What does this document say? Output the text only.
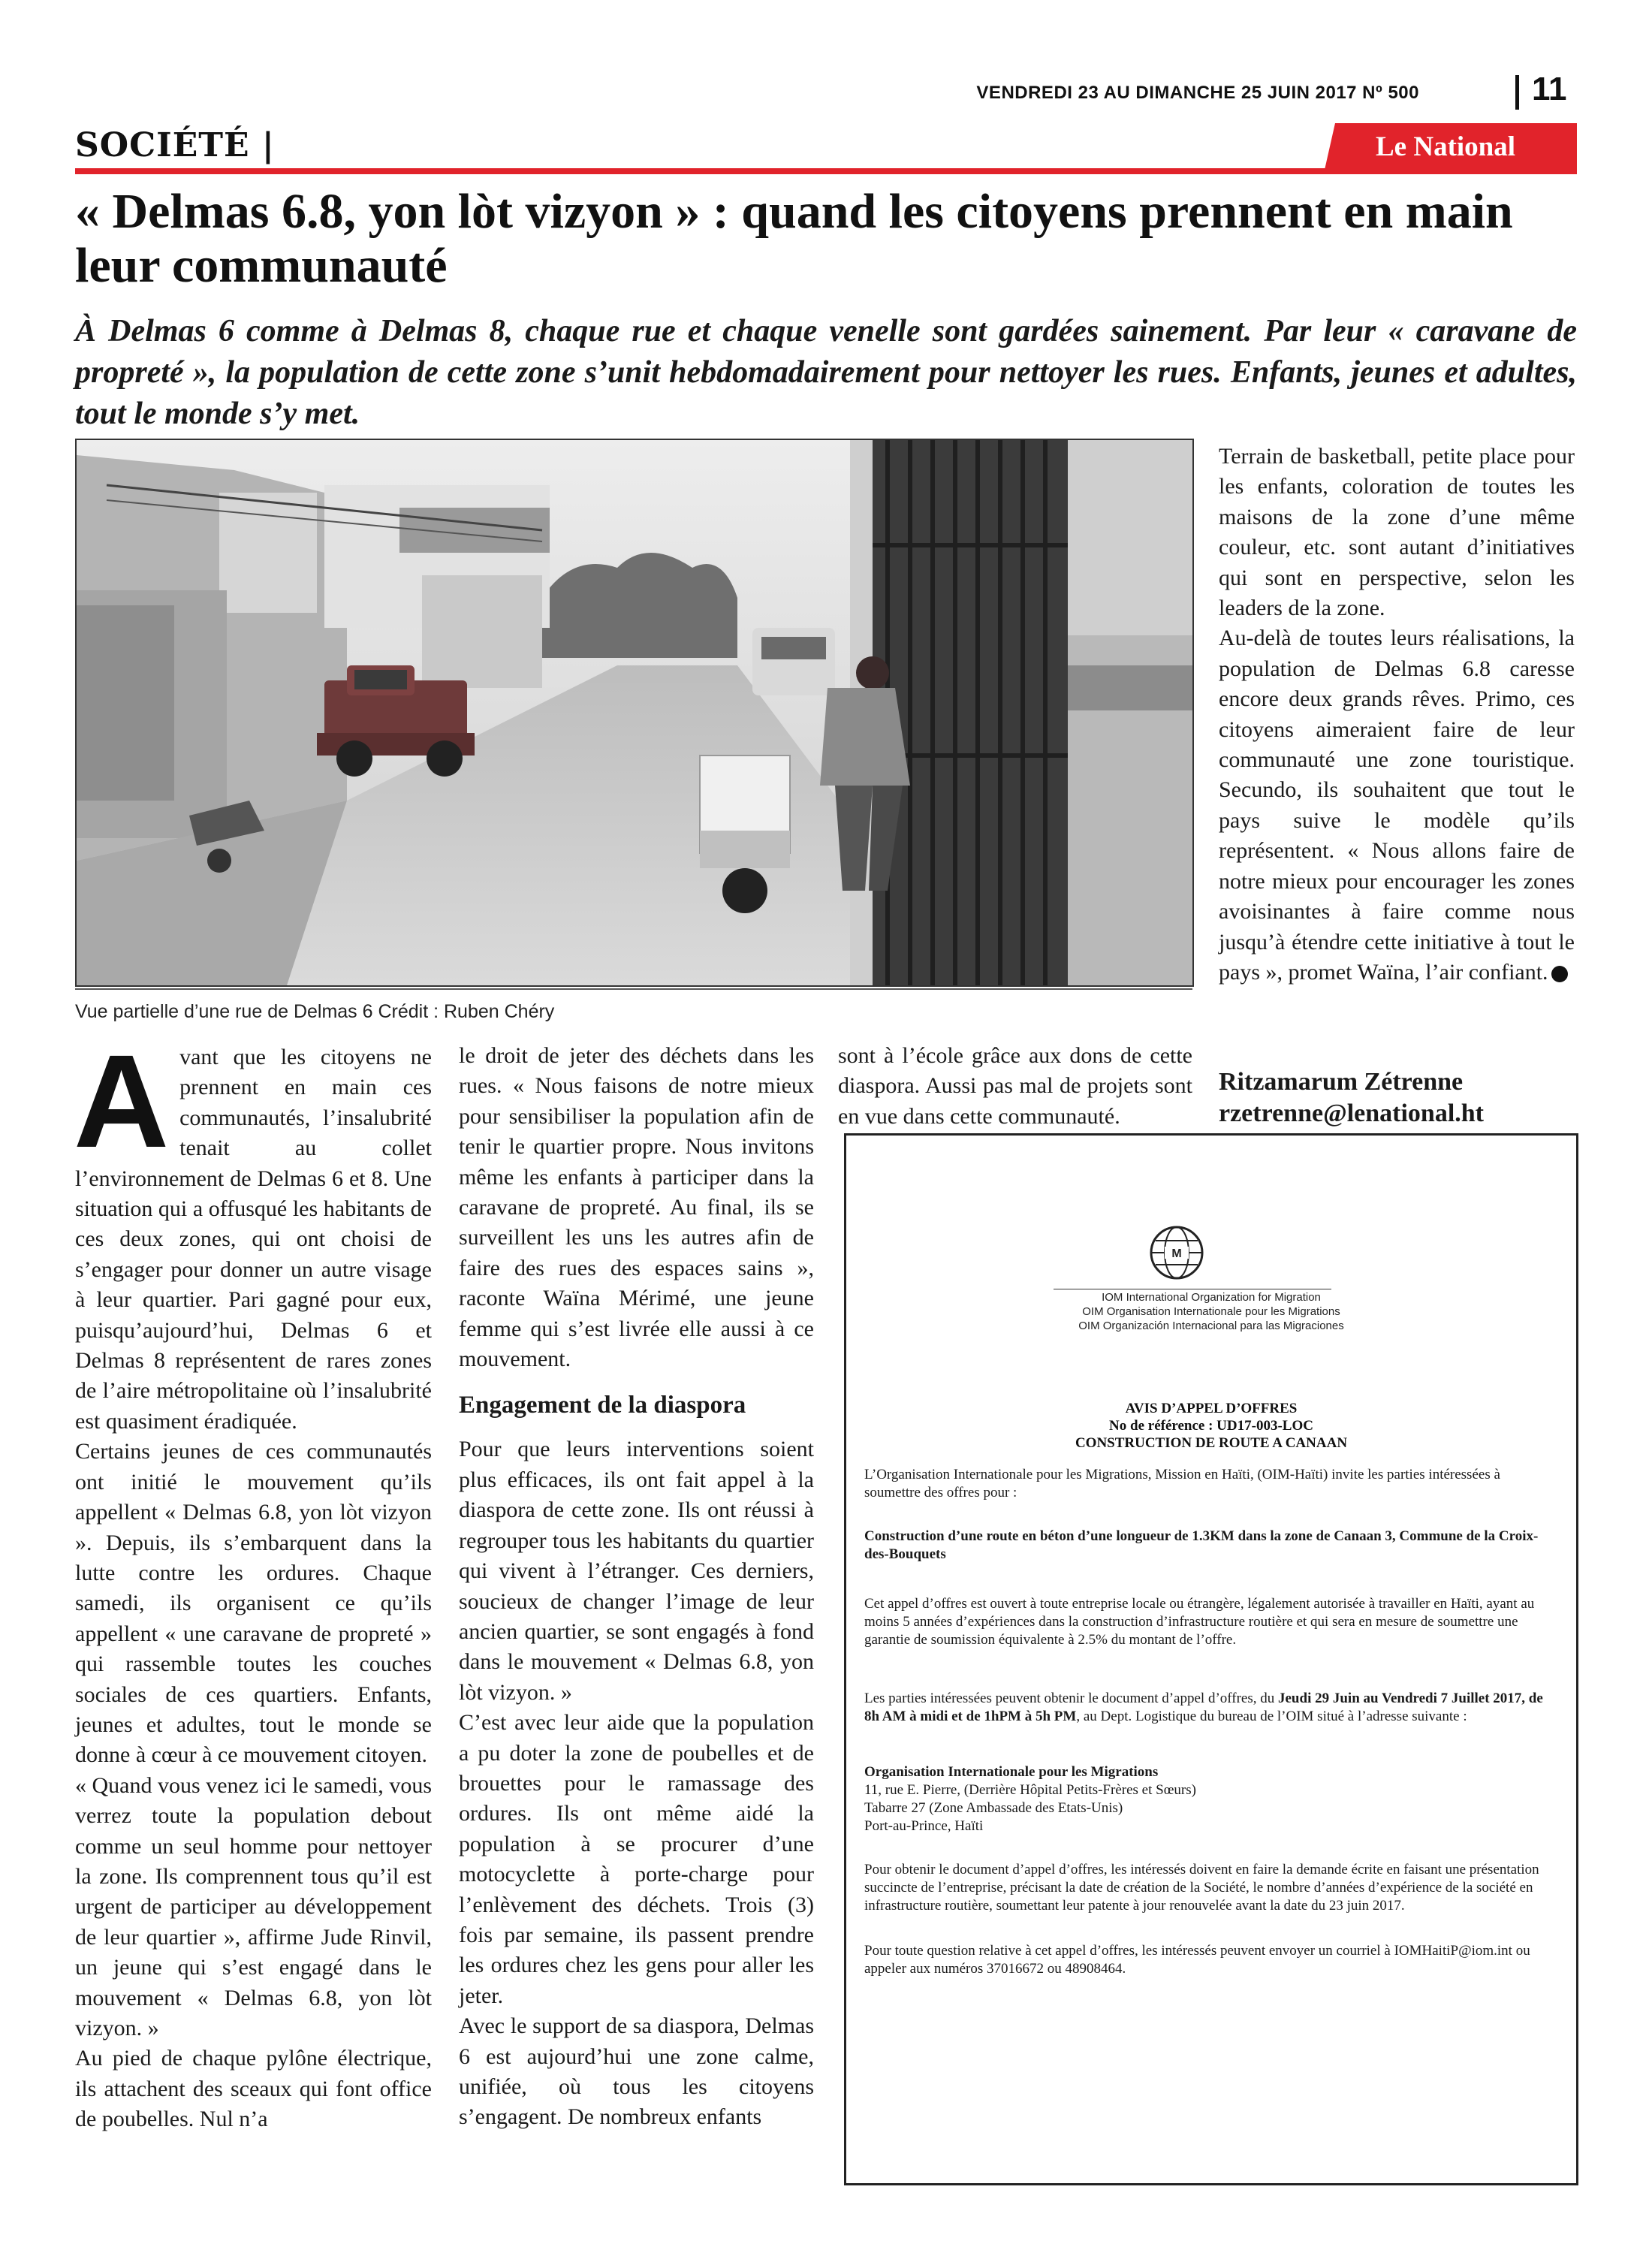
VENDREDI 23 AU DIMANCHE 25 JUIN 2017 Nº 500	11
SOCIÉTÉ |	Le National
« Delmas 6.8, yon lòt vizyon » : quand les citoyens prennent en main leur communauté
À Delmas 6 comme à Delmas 8, chaque rue et chaque venelle sont gardées sainement. Par leur « caravane de propreté », la population de cette zone s’unit hebdomadairement pour nettoyer les rues. Enfants, jeunes et adultes, tout le monde s’y met.
Vue partielle d’une rue de Delmas 6 Crédit : Ruben Chéry

Avant que les citoyens ne prennent en main ces communautés, l’insalubrité tenait au collet l’environnement de Delmas 6 et 8. Une situation qui a offusqué les habitants de ces deux zones, qui ont choisi de s’engager pour donner un autre visage à leur quartier. Pari gagné pour eux, puisqu’aujourd’hui, Delmas 6 et Delmas 8 représentent de rares zones de l’aire métropolitaine où l’insalubrité est quasiment éradiquée.

Certains jeunes de ces communautés ont initié le mouvement qu’ils appellent « Delmas 6.8, yon lòt vizyon ». Depuis, ils s’embarquent dans la lutte contre les ordures. Chaque samedi, ils organisent ce qu’ils appellent « une caravane de propreté » qui rassemble toutes les couches sociales de ces quartiers. Enfants, jeunes et adultes, tout le monde se donne à cœur à ce mouvement citoyen.

« Quand vous venez ici le samedi, vous verrez toute la population debout comme un seul homme pour nettoyer la zone. Ils comprennent tous qu’il est urgent de participer au développement de leur quartier », affirme Jude Rinvil, un jeune qui s’est engagé dans le mouvement « Delmas 6.8, yon lòt vizyon. »

Au pied de chaque pylône électrique, ils attachent des sceaux qui font office de poubelles. Nul n’a

le droit de jeter des déchets dans les rues. « Nous faisons de notre mieux pour sensibiliser la population afin de tenir le quartier propre. Nous invitons même les enfants à participer dans la caravane de propreté. Au final, ils se surveillent les uns les autres afin de faire des rues des espaces sains », raconte Waïna Mérimé, une jeune femme qui s’est livrée elle aussi à ce mouvement.

Engagement de la diaspora

Pour que leurs interventions soient plus efficaces, ils ont fait appel à la diaspora de cette zone. Ils ont réussi à regrouper tous les habitants du quartier qui vivent à l’étranger. Ces derniers, soucieux de changer l’image de leur ancien quartier, se sont engagés à fond dans le mouvement « Delmas 6.8, yon lòt vizyon. »

C’est avec leur aide que la population a pu doter la zone de poubelles et de brouettes pour le ramassage des ordures. Ils ont même aidé la population à se procurer d’une motocyclette à porte-charge pour l’enlèvement des déchets. Trois (3) fois par semaine, ils passent prendre les ordures chez les gens pour aller les jeter.

Avec le support de sa diaspora, Delmas 6 est aujourd’hui une zone calme, unifiée, où tous les citoyens s’engagent. De nombreux enfants

sont à l’école grâce aux dons de cette diaspora. Aussi pas mal de projets sont en vue dans cette communauté.

Terrain de basketball, petite place pour les enfants, coloration de toutes les maisons de la zone d’une même couleur, etc. sont autant d’initiatives qui sont en perspective, selon les leaders de la zone.

Au-delà de toutes leurs réalisations, la population de Delmas 6.8 caresse encore deux grands rêves. Primo, ces citoyens aimeraient faire de leur communauté une zone touristique. Secundo, ils souhaitent que tout le pays suive le modèle qu’ils représentent. « Nous allons faire de notre mieux pour encourager les zones avoisinantes à faire comme nous jusqu’à étendre cette initiative à tout le pays », promet Waïna, l’air confiant.

Ritzamarum Zétrenne
rzetrenne@lenational.ht
M
IOM International Organization for Migration
OIM Organisation Internationale pour les Migrations
OIM Organización Internacional para las Migraciones
AVIS D’APPEL D’OFFRES
No de référence : UD17-003-LOC
CONSTRUCTION DE ROUTE A CANAAN
L’Organisation Internationale pour les Migrations, Mission en Haïti, (OIM-Haïti) invite les parties intéressées à soumettre des offres pour :
Construction d’une route en béton d’une longueur de 1.3KM dans la zone de Canaan 3, Commune de la Croix-des-Bouquets
Cet appel d’offres est ouvert à toute entreprise locale ou étrangère, légalement autorisée à travailler en Haïti, ayant au moins 5 années d’expériences dans la construction d’infrastructure routière et qui sera en mesure de soumettre une garantie de soumission équivalente à 2.5% du montant de l’offre.
Les parties intéressées peuvent obtenir le document d’appel d’offres, du Jeudi 29 Juin au Vendredi 7 Juillet 2017, de 8h AM à midi et de 1hPM à 5h PM, au Dept. Logistique du bureau de l’OIM situé à l’adresse suivante :
Organisation Internationale pour les Migrations
11, rue E. Pierre, (Derrière Hôpital Petits-Frères et Sœurs)
Tabarre 27 (Zone Ambassade des Etats-Unis)
Port-au-Prince, Haïti
Pour obtenir le document d’appel d’offres, les intéressés doivent en faire la demande écrite en faisant une présentation succincte de l’entreprise, précisant la date de création de la Société, le nombre d’années d’expérience de la société en infrastructure routière, soumettant leur patente à jour renouvelée avant la date du 23 juin 2017.
Pour toute question relative à cet appel d’offres, les intéressés peuvent envoyer un courriel à IOMHaitiP@iom.int ou appeler aux numéros 37016672 ou 48908464.
